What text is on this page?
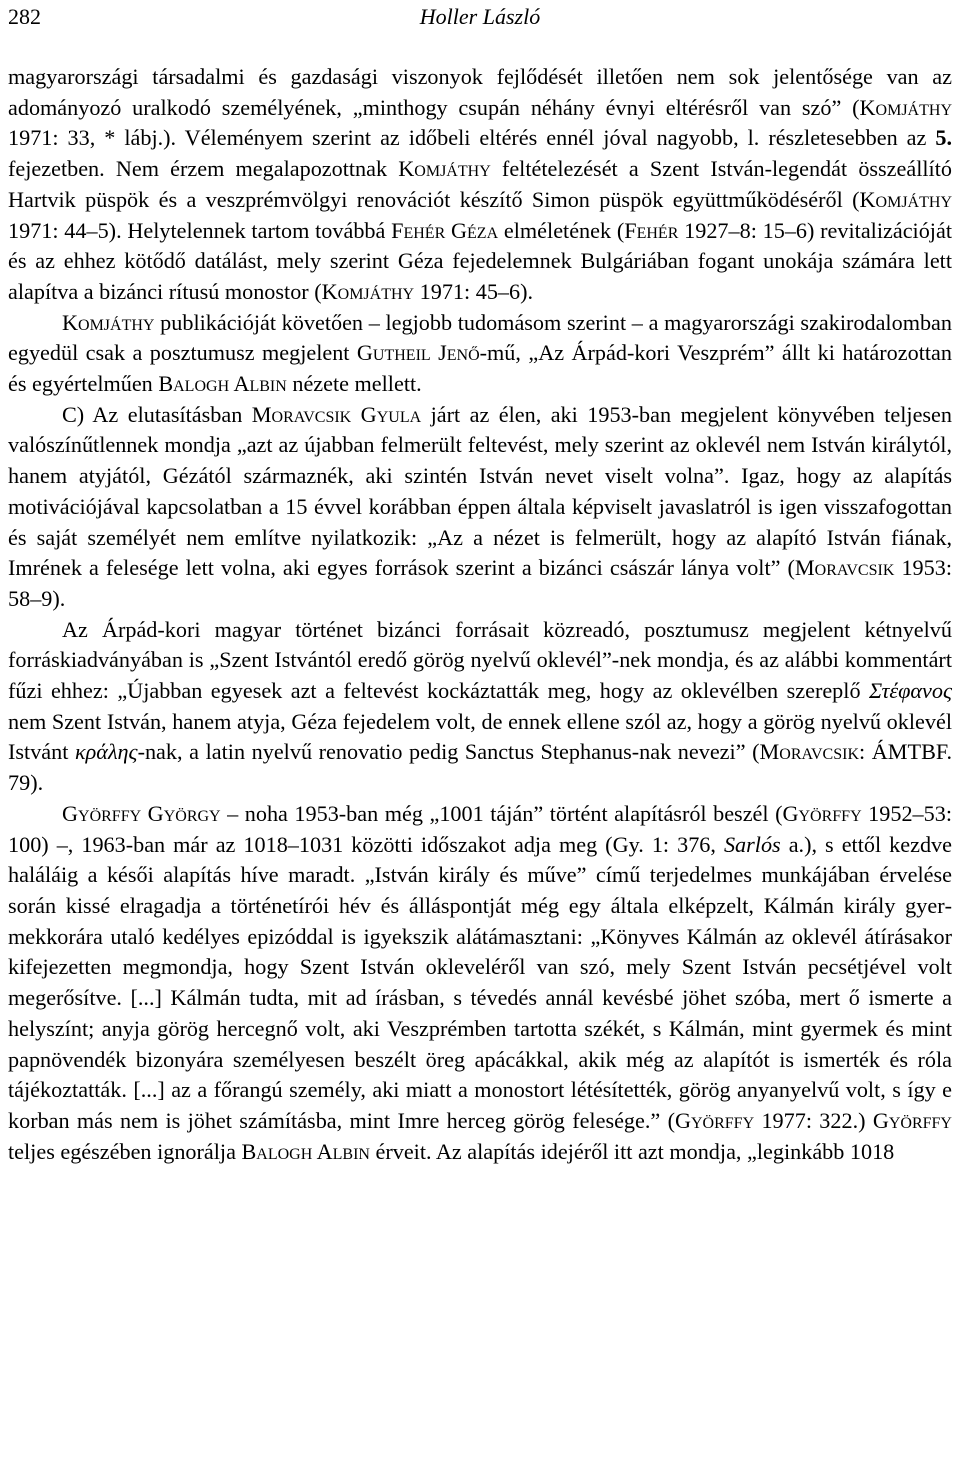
282	Holler László

magyarországi társadalmi és gazdasági viszonyok fejlődését illetően nem sok jelentősége van az adományozó uralkodó személyének, „minthogy csupán néhány évnyi eltérésről van szó” (Komjáthy 1971: 33, * lábj.). Véleményem szerint az időbeli eltérés ennél jóval nagyobb, l. részletesebben az 5. fejezetben. Nem érzem megalapozottnak Komjáthy feltételezését a Szent István-legendát összeállító Hartvik püspök és a veszprémvölgyi renovációt készítő Simon püspök együttműködéséről (Komjáthy 1971: 44–5). Helytelennek tartom továbbá Fehér Géza elméletének (Fehér 1927–8: 15–6) revitalizációját és az ehhez kötődő datálást, mely szerint Géza fejedelemnek Bulgáriában fogant unokája számára lett alapítva a bizánci rítusú monostor (Komjáthy 1971: 45–6).

Komjáthy publikációját követően – legjobb tudomásom szerint – a magyarországi szakirodalomban egyedül csak a posztumusz megjelent Gutheil Jenő-mű, „Az Árpád-kori Veszprém” állt ki határozottan és egyértelműen Balogh Albin nézete mellett.

C) Az elutasításban Moravcsik Gyula járt az élen, aki 1953-ban megjelent könyvében teljesen valószínűtlennek mondja „azt az újabban felmerült feltevést, mely szerint az oklevél nem István királytól, hanem atyjától, Gézától származnék, aki szintén István nevet viselt volna”. Igaz, hogy az alapítás motivációjával kapcsolatban a 15 évvel korábban éppen általa képviselt javaslatról is igen visszafogottan és saját személyét nem említve nyilatkozik: „Az a nézet is felmerült, hogy az alapító István fiának, Imrének a felesége lett volna, aki egyes források szerint a bizánci császár lánya volt” (Moravcsik 1953: 58–9).

Az Árpád-kori magyar történet bizánci forrásait közreadó, posztumusz megjelent kétnyelvű forráskiadványában is „Szent Istvántól eredő görög nyelvű oklevél”-nek mondja, és az alábbi kommentárt fűzi ehhez: „Újabban egyesek azt a feltevést kockáztatták meg, hogy az oklevélben szereplő Στέφανος nem Szent István, hanem atyja, Géza fejedelem volt, de ennek ellene szól az, hogy a görög nyelvű oklevél Istvánt κράλης-nak, a latin nyelvű renovatio pedig Sanctus Stephanus-nak nevezi” (Moravcsik: ÁMTBF. 79).

Györffy György – noha 1953-ban még „1001 táján” történt alapításról beszél (Györffy 1952–53: 100) –, 1963-ban már az 1018–1031 közötti időszakot adja meg (Gy. 1: 376, Sarlós a.), s ettől kezdve haláláig a késői alapítás híve maradt. „István király és műve” című terjedelmes munkájában érvelése során kissé elragadja a történetírói hév és álláspontját még egy általa elképzelt, Kálmán király gyermekkorára utaló kedélyes epizóddal is igyekszik alátámasztani: „Könyves Kálmán az oklevél átírásakor kifejezetten megmondja, hogy Szent István okleveléről van szó, mely Szent István pecsétjével volt megerősítve. [...] Kálmán tudta, mit ad írásban, s tévedés annál kevésbé jöhet szóba, mert ő ismerte a helyszínt; anyja görög hercegnő volt, aki Veszprémben tartotta székét, s Kálmán, mint gyermek és mint papnövendék bizonyára személyesen beszélt öreg apácákkal, akik még az alapítót is ismerték és róla tájékoztatták. [...] az a főrangú személy, aki miatt a monostort létésítették, görög anyanyelvű volt, s így e korban más nem is jöhet számításba, mint Imre herceg görög felesége.” (Györffy 1977: 322.) Györffy teljes egészében ignorálja Balogh Albin érveit. Az alapítás idejéről itt azt mondja, „leginkább 1018
